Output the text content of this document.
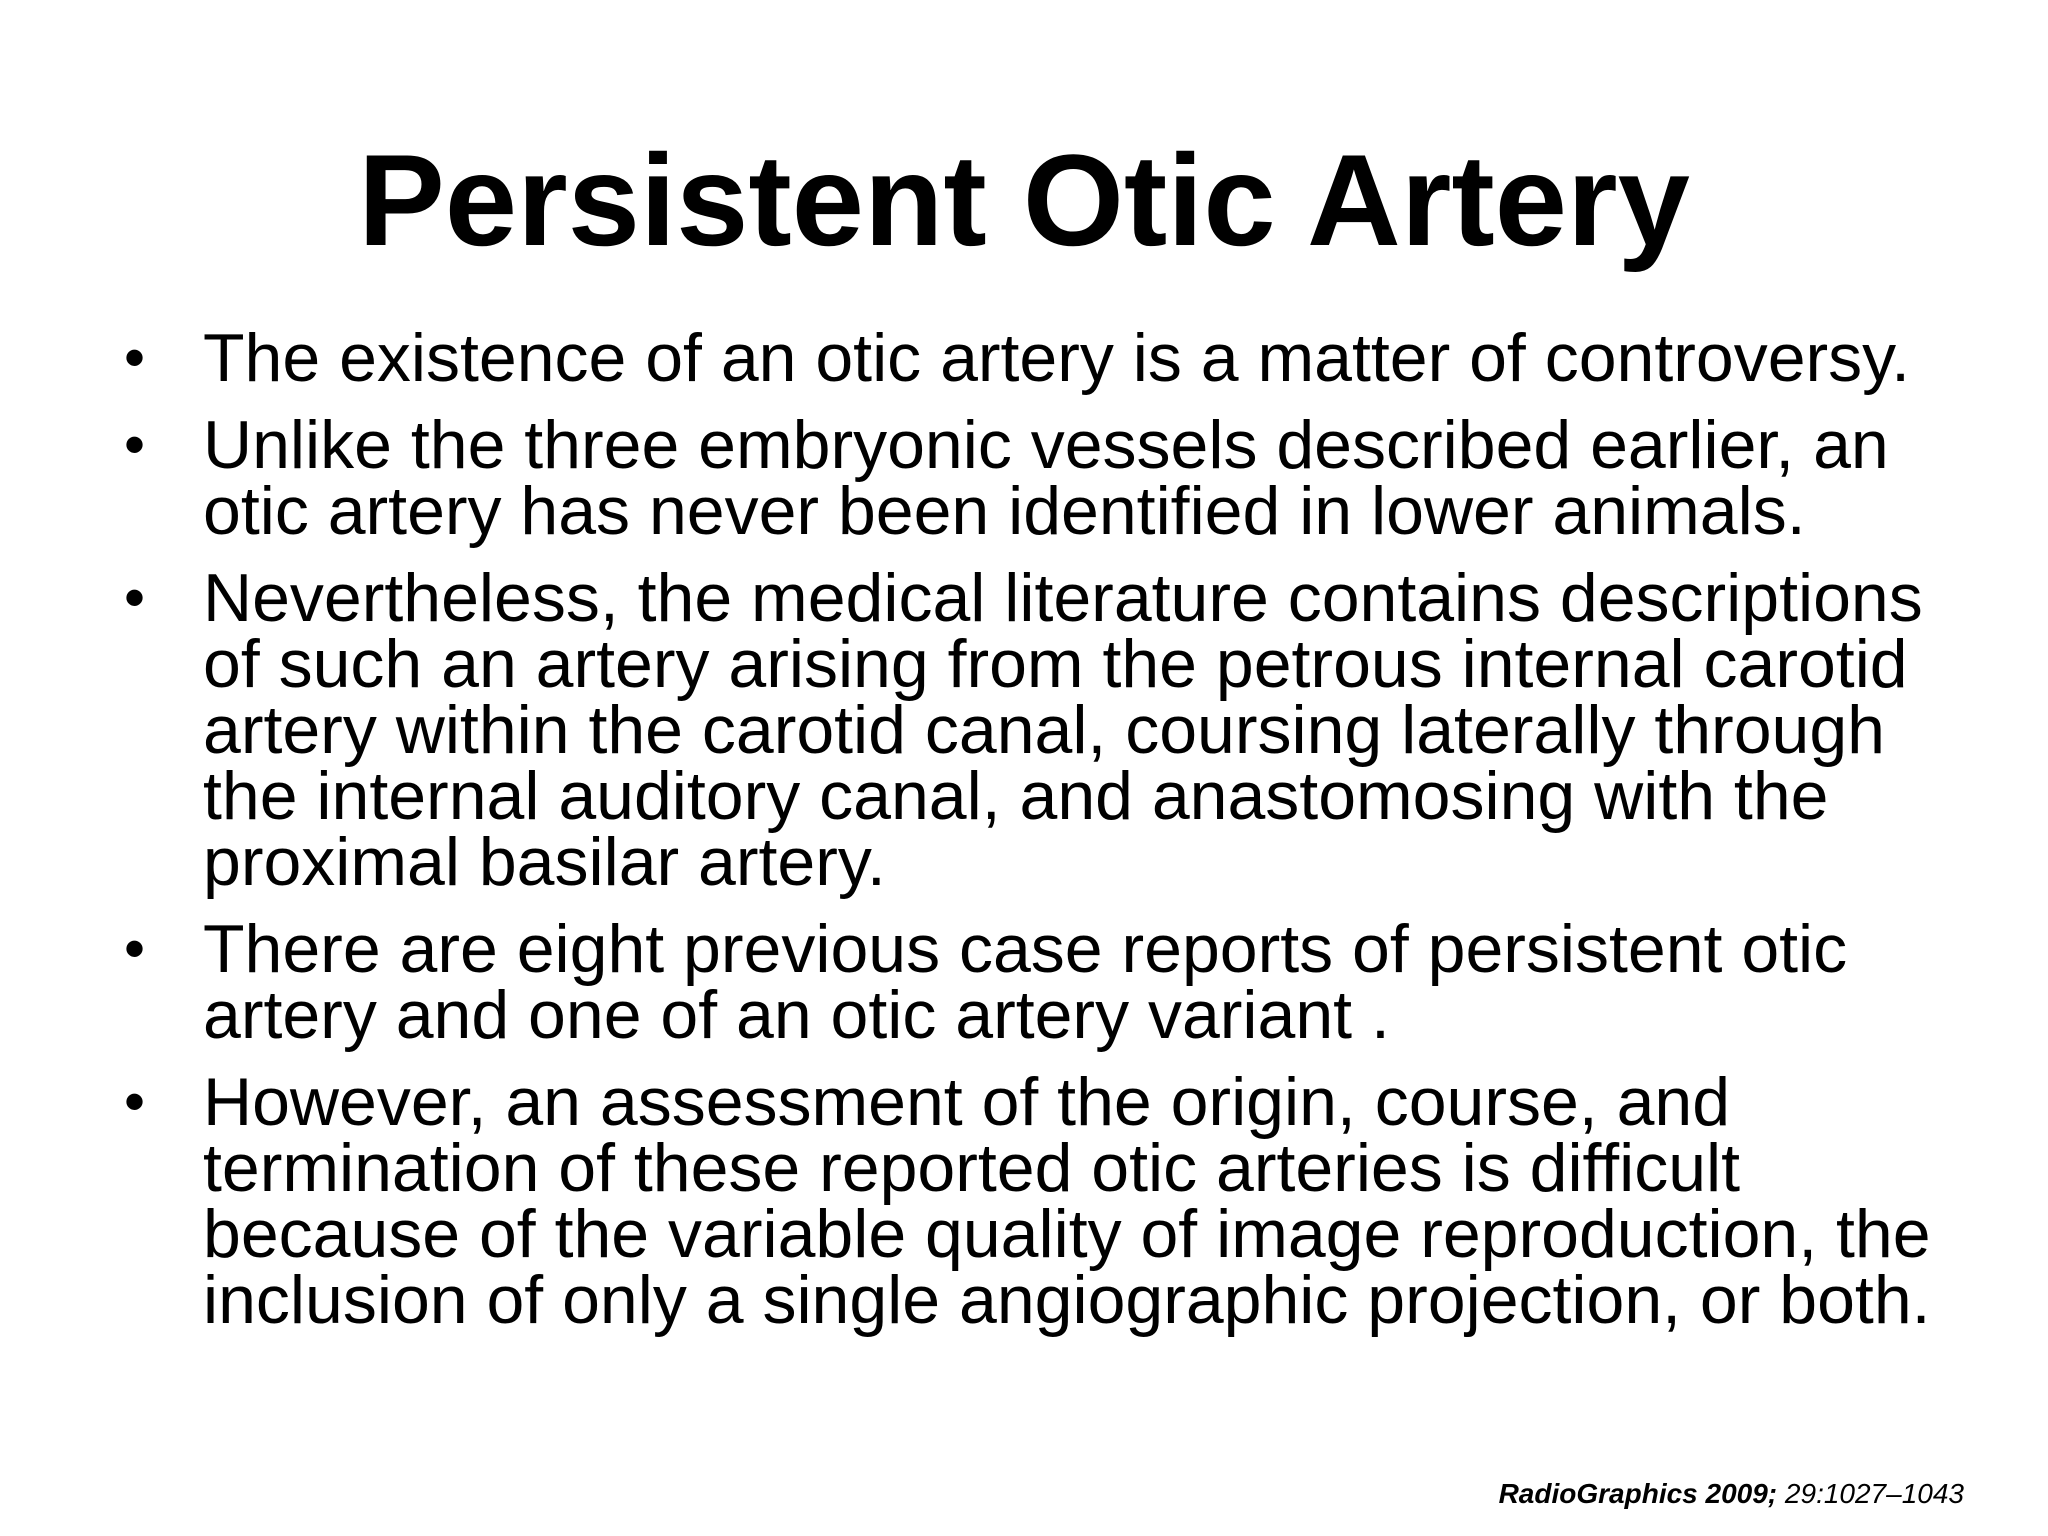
Persistent Otic Artery
• The existence of an otic artery is a matter of controversy.
• Unlike the three embryonic vessels described earlier, an otic artery has never been identified in lower animals.
• Nevertheless, the medical literature contains descriptions of such an artery arising from the petrous internal carotid artery within the carotid canal, coursing laterally through the internal auditory canal, and anastomosing with the proximal basilar artery.
• There are eight previous case reports of persistent otic artery and one of an otic artery variant .
• However, an assessment of the origin, course, and termination of these reported otic arteries is difficult because of the variable quality of image reproduction, the inclusion of only a single angiographic projection, or both.
RadioGraphics 2009; 29:1027–1043
